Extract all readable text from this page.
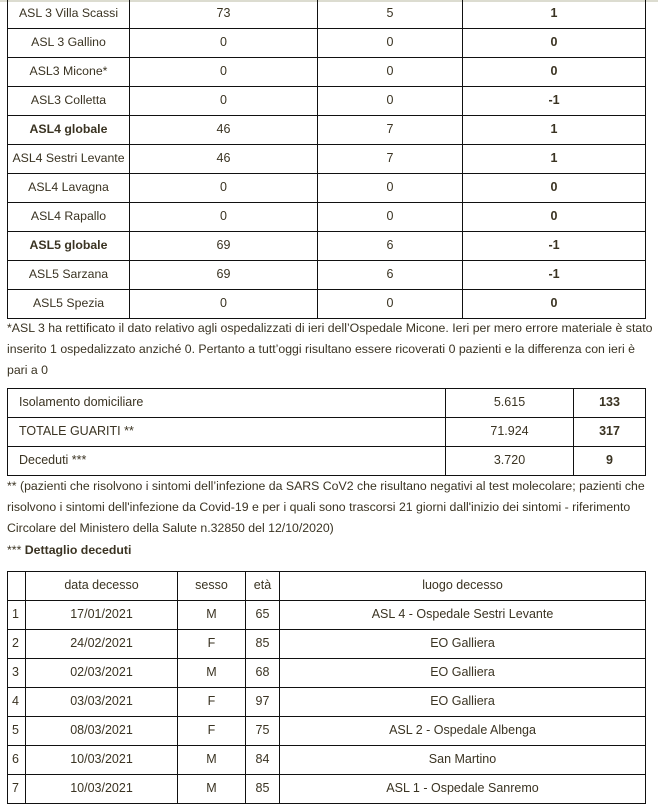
ASL 3 Villa Scassi	73	5	1
ASL 3 Gallino	0	0	0
ASL3 Micone*	0	0	0
ASL3 Colletta	0	0	-1
ASL4 globale	46	7	1
ASL4 Sestri Levante	46	7	1
ASL4 Lavagna	0	0	0
ASL4 Rapallo	0	0	0
ASL5 globale	69	6	-1
ASL5 Sarzana	69	6	-1
ASL5 Spezia	0	0	0
*ASL 3 ha rettificato il dato relativo agli ospedalizzati di ieri dell’Ospedale Micone. Ieri per mero errore materiale è stato inserito 1 ospedalizzato anziché 0. Pertanto a tutt’oggi risultano essere ricoverati 0 pazienti e la differenza con ieri è pari a 0
Isolamento domiciliare	5.615	133
TOTALE GUARITI **	71.924	317
Deceduti ***	3.720	9
** (pazienti che risolvono i sintomi dell’infezione da SARS CoV2 che risultano negativi al test molecolare; pazienti che risolvono i sintomi dell'infezione da Covid-19 e per i quali sono trascorsi 21 giorni dall'inizio dei sintomi - riferimento Circolare del Ministero della Salute n.32850 del 12/10/2020)
*** Dettaglio deceduti
	data decesso	sesso	età	luogo decesso
1	17/01/2021	M	65	ASL 4 - Ospedale Sestri Levante
2	24/02/2021	F	85	EO Galliera
3	02/03/2021	M	68	EO Galliera
4	03/03/2021	F	97	EO Galliera
5	08/03/2021	F	75	ASL 2 - Ospedale Albenga
6	10/03/2021	M	84	San Martino
7	10/03/2021	M	85	ASL 1 - Ospedale Sanremo
